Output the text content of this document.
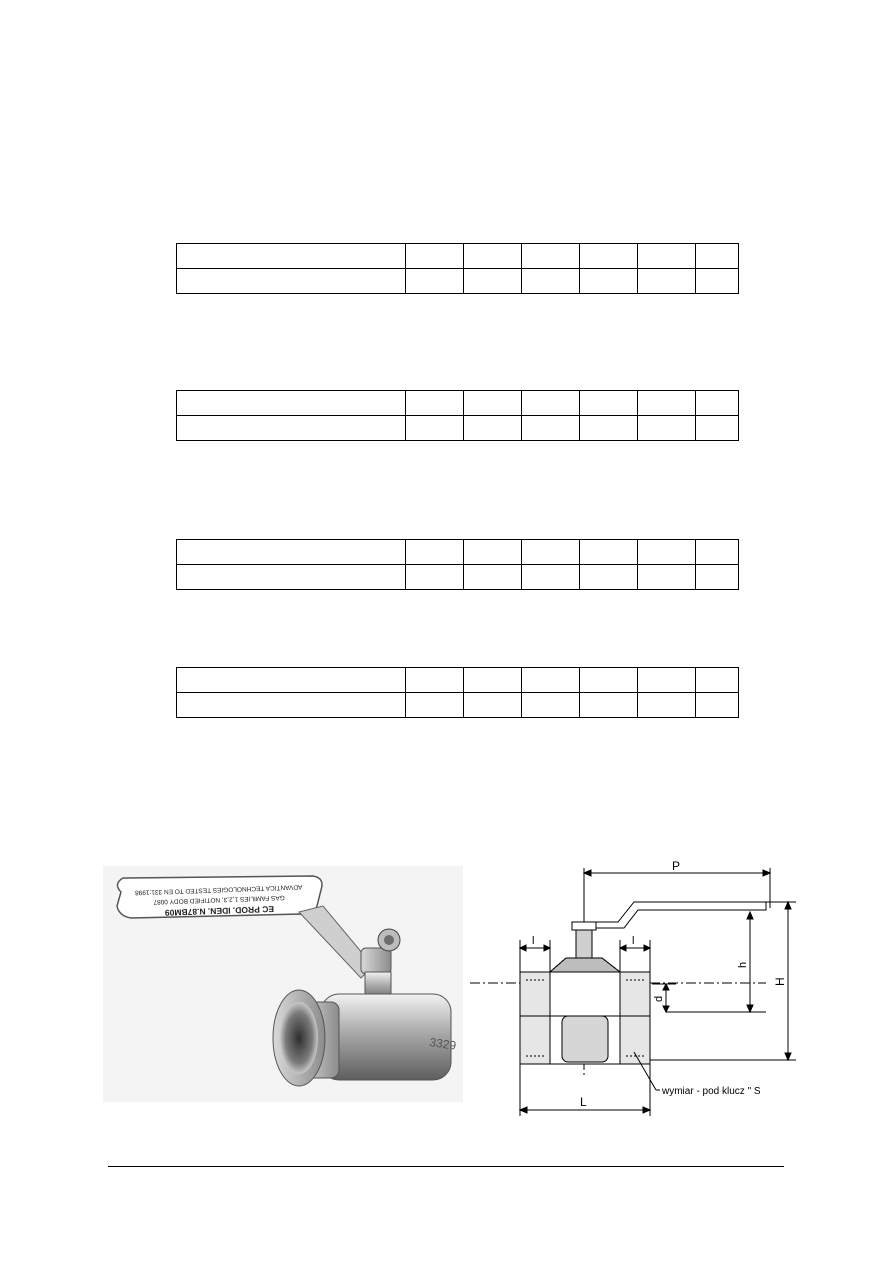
EC PROD. IDEN. N.87BM09
GAS FAMILIES 1,2,3, NOTIFIED BODY 0087
ADVANTICA TECHNOLOGIES TESTED TO EN 331:1998
3329
P
l	l
h
H
d
L
wymiar - pod klucz " S
